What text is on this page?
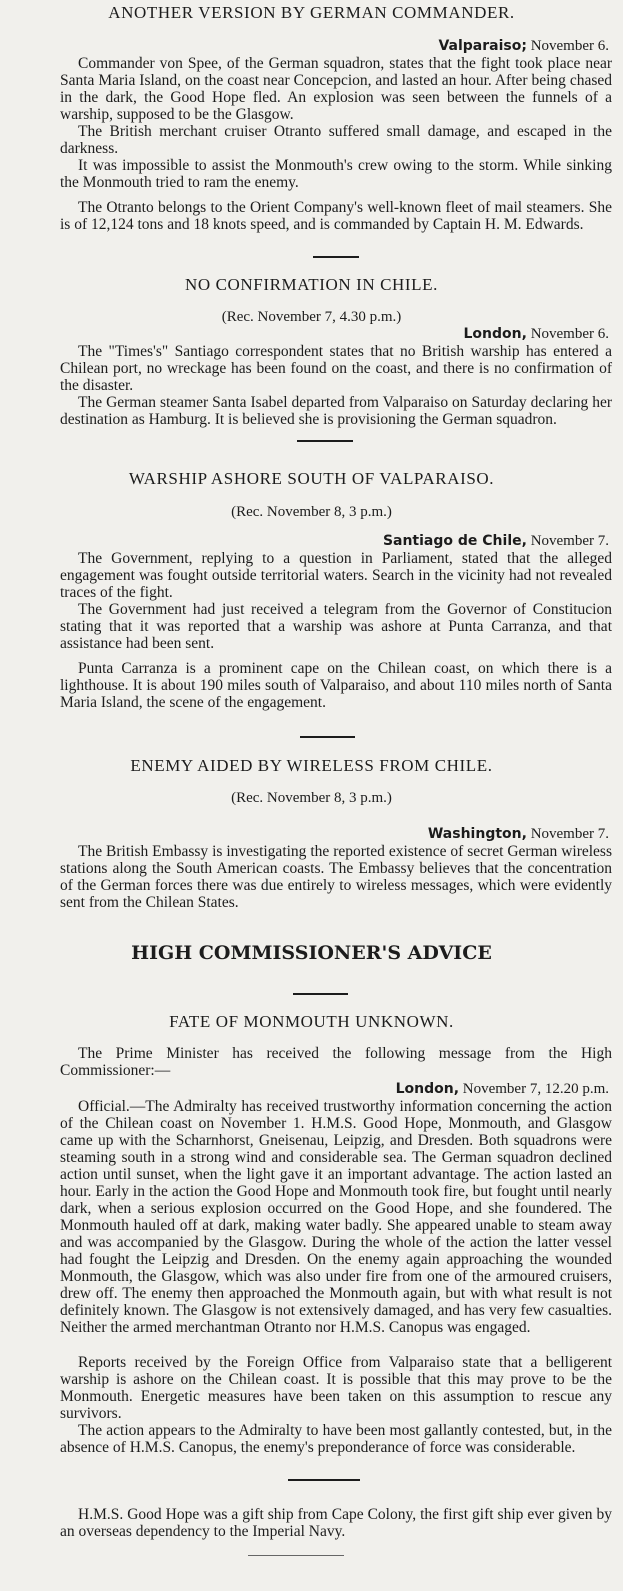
ANOTHER VERSION BY GERMAN COMMANDER.
Valparaiso; November 6.
Commander von Spee, of the German squadron, states that the fight took place near Santa Maria Island, on the coast near Concepcion, and lasted an hour. After being chased in the dark, the Good Hope fled. An explosion was seen between the funnels of a warship, supposed to be the Glasgow.
The British merchant cruiser Otranto suffered small damage, and escaped in the darkness.
It was impossible to assist the Monmouth's crew owing to the storm. While sinking the Monmouth tried to ram the enemy.
The Otranto belongs to the Orient Company's well-known fleet of mail steamers. She is of 12,124 tons and 18 knots speed, and is commanded by Captain H. M. Edwards.
NO CONFIRMATION IN CHILE.
(Rec. November 7, 4.30 p.m.)
London, November 6.
The "Times's" Santiago correspondent states that no British warship has entered a Chilean port, no wreckage has been found on the coast, and there is no confirmation of the disaster.
The German steamer Santa Isabel departed from Valparaiso on Saturday declaring her destination as Hamburg. It is believed she is provisioning the German squadron.
WARSHIP ASHORE SOUTH OF VALPARAISO.
(Rec. November 8, 3 p.m.)
Santiago de Chile, November 7.
The Government, replying to a question in Parliament, stated that the alleged engagement was fought outside territorial waters. Search in the vicinity had not revealed traces of the fight.
The Government had just received a telegram from the Governor of Constitucion stating that it was reported that a warship was ashore at Punta Carranza, and that assistance had been sent.
Punta Carranza is a prominent cape on the Chilean coast, on which there is a lighthouse. It is about 190 miles south of Valparaiso, and about 110 miles north of Santa Maria Island, the scene of the engagement.
ENEMY AIDED BY WIRELESS FROM CHILE.
(Rec. November 8, 3 p.m.)
Washington, November 7.
The British Embassy is investigating the reported existence of secret German wireless stations along the South American coasts. The Embassy believes that the concentration of the German forces there was due entirely to wireless messages, which were evidently sent from the Chilean States.
HIGH COMMISSIONER'S ADVICE
FATE OF MONMOUTH UNKNOWN.
The Prime Minister has received the following message from the High Commissioner:—
London, November 7, 12.20 p.m.
Official.—The Admiralty has received trustworthy information concerning the action of the Chilean coast on November 1. H.M.S. Good Hope, Monmouth, and Glasgow came up with the Scharnhorst, Gneisenau, Leipzig, and Dresden. Both squadrons were steaming south in a strong wind and considerable sea. The German squadron declined action until sunset, when the light gave it an important advantage. The action lasted an hour. Early in the action the Good Hope and Monmouth took fire, but fought until nearly dark, when a serious explosion occurred on the Good Hope, and she foundered. The Monmouth hauled off at dark, making water badly. She appeared unable to steam away and was accompanied by the Glasgow. During the whole of the action the latter vessel had fought the Leipzig and Dresden. On the enemy again approaching the wounded Monmouth, the Glasgow, which was also under fire from one of the armoured cruisers, drew off. The enemy then approached the Monmouth again, but with what result is not definitely known. The Glasgow is not extensively damaged, and has very few casualties. Neither the armed merchantman Otranto nor H.M.S. Canopus was engaged.
Reports received by the Foreign Office from Valparaiso state that a belligerent warship is ashore on the Chilean coast. It is possible that this may prove to be the Monmouth. Energetic measures have been taken on this assumption to rescue any survivors.
The action appears to the Admiralty to have been most gallantly contested, but, in the absence of H.M.S. Canopus, the enemy's preponderance of force was considerable.
H.M.S. Good Hope was a gift ship from Cape Colony, the first gift ship ever given by an overseas dependency to the Imperial Navy.
